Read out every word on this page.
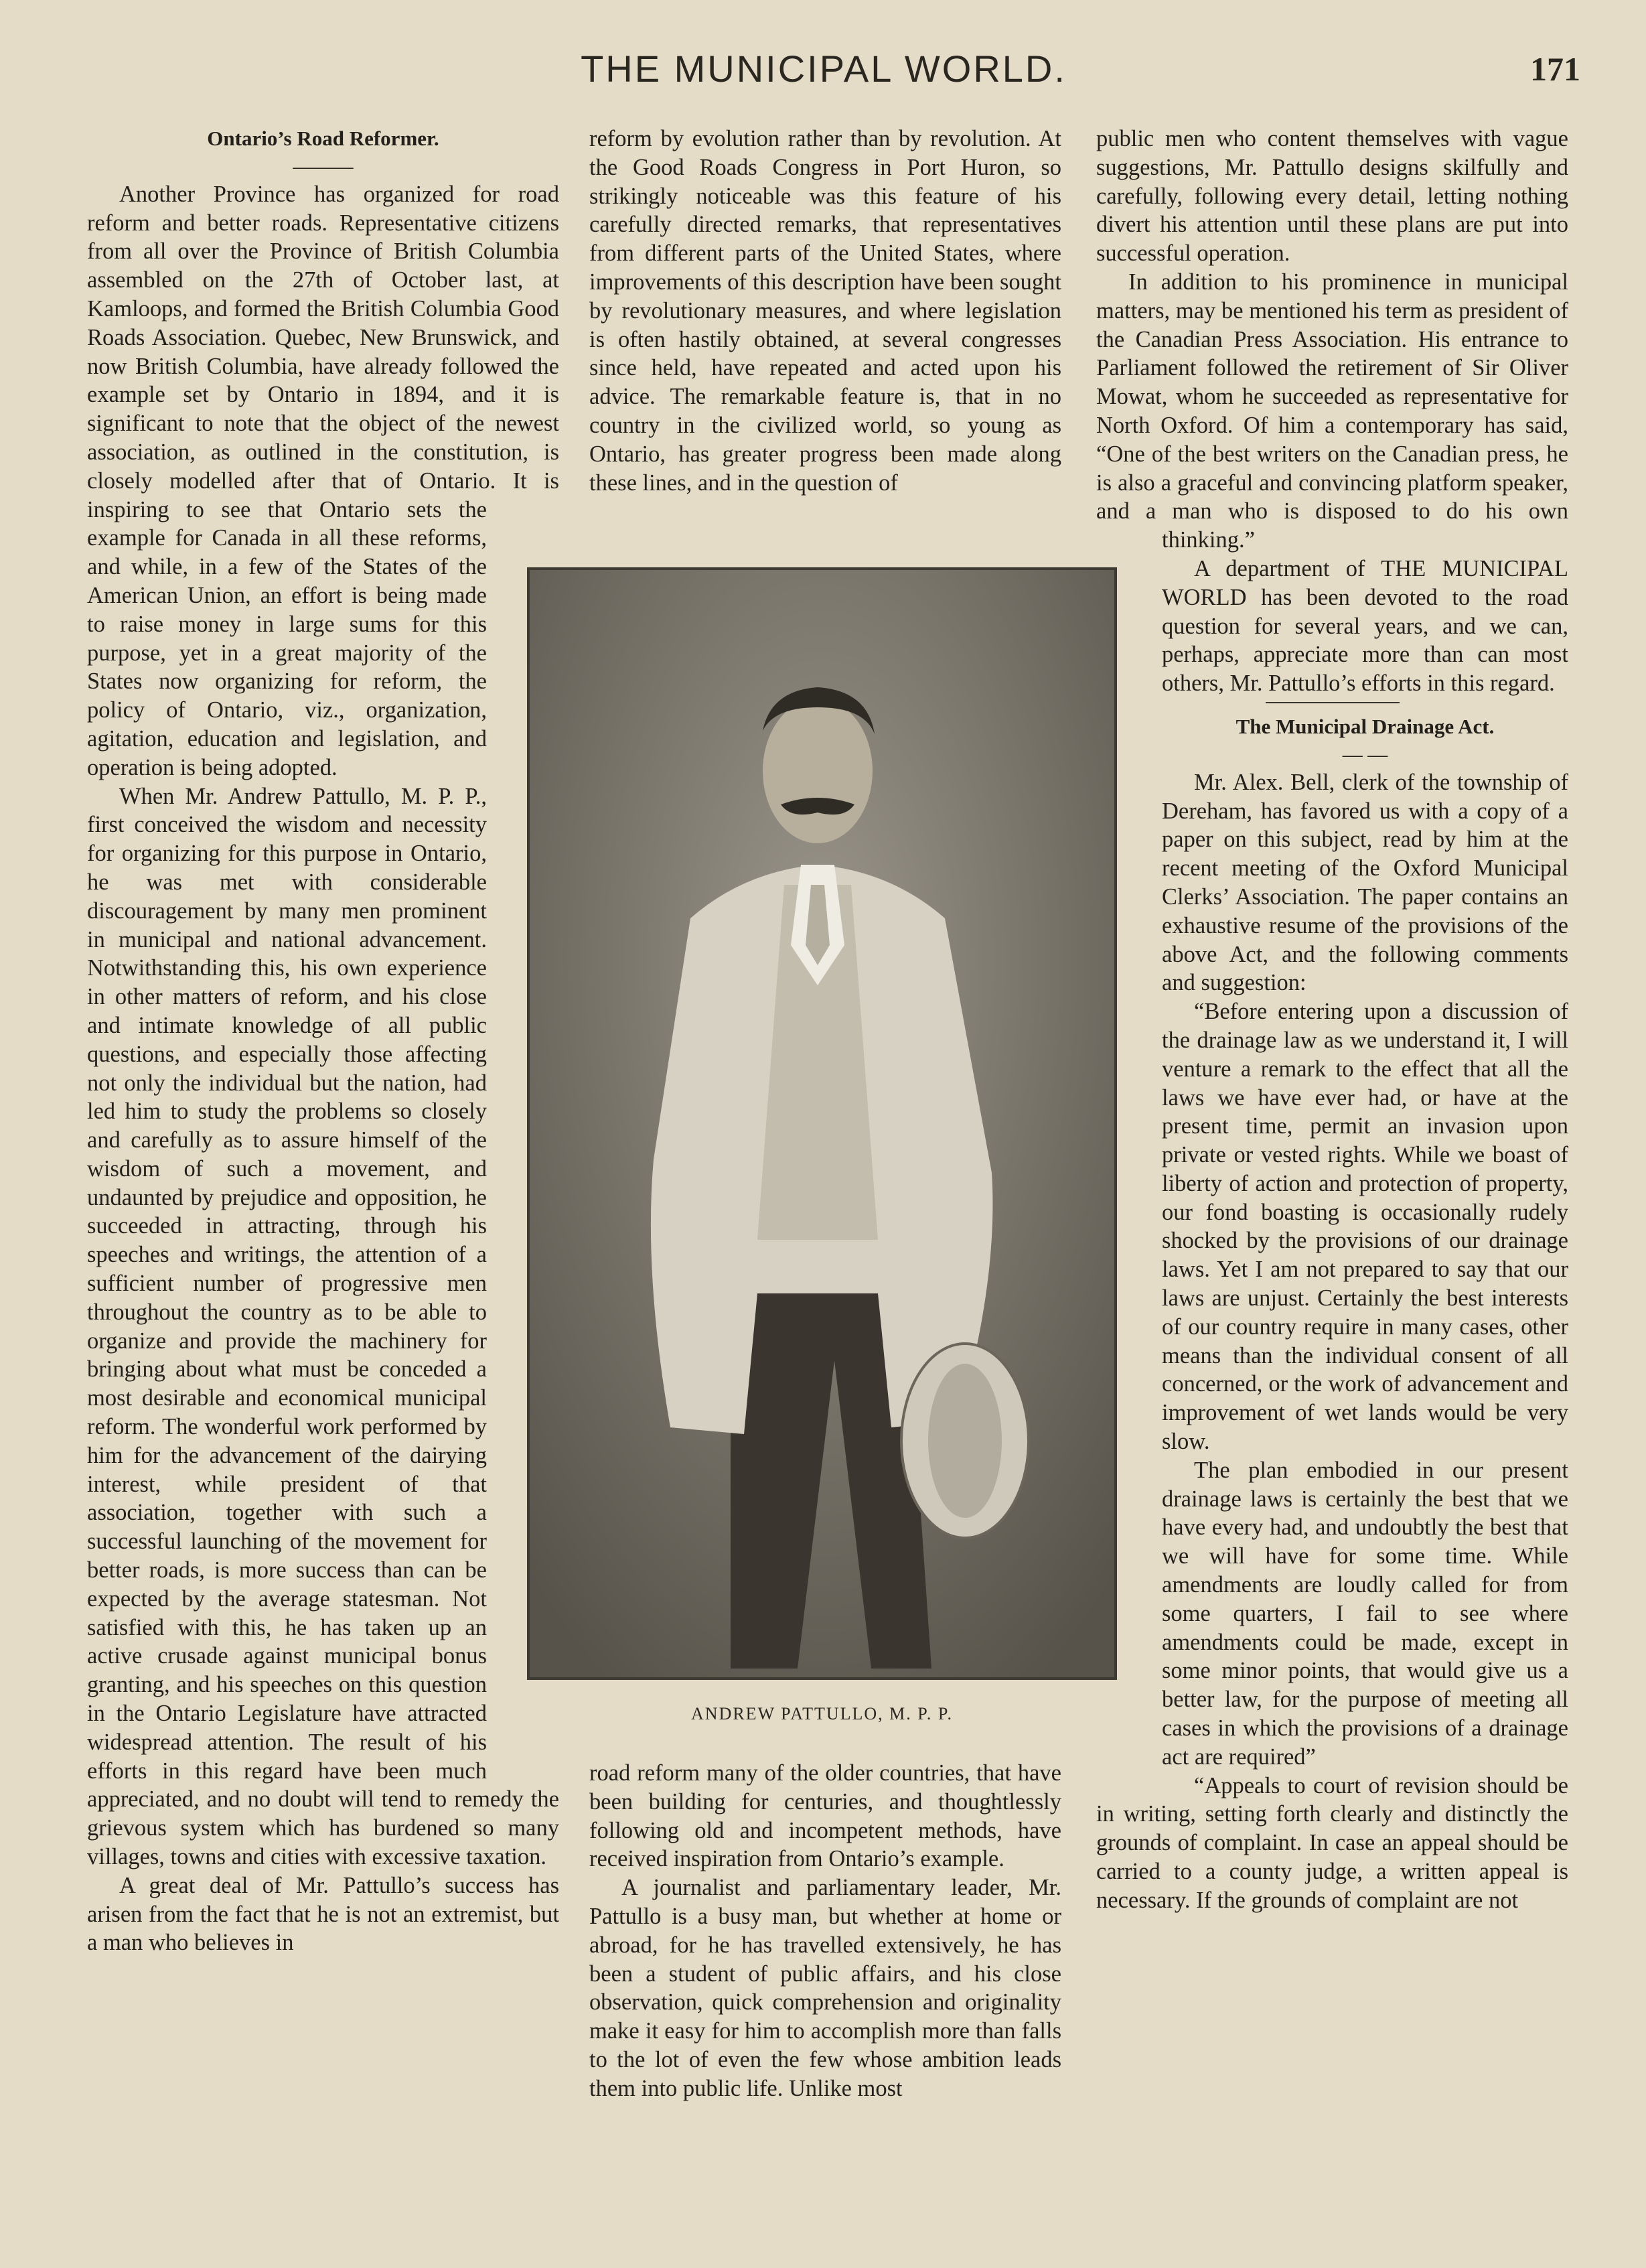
THE MUNICIPAL WORLD.	171
Ontario’s Road Reformer.
———

Another Province has organized for road reform and better roads. Representative citizens from all over the Province of British Columbia assembled on the 27th of October last, at Kamloops, and formed the British Columbia Good Roads Association. Quebec, New Brunswick, and now British Columbia, have already followed the example set by Ontario in 1894, and it is significant to note that the object of the newest association, as outlined in the constitution, is closely modelled after that of Ontario. It is inspiring to see that Ontario sets the example for Canada in all these reforms, and while, in a few of the States of the American Union, an effort is being made to raise money in large sums for this purpose, yet in a great majority of the States now organizing for reform, the policy of Ontario, viz., organization, agitation, education and legislation, and operation is being adopted.

When Mr. Andrew Pattullo, M. P. P., first conceived the wisdom and necessity for organizing for this purpose in Ontario, he was met with considerable discouragement by many men prominent in municipal and national advancement. Notwithstanding this, his own experience in other matters of reform, and his close and intimate knowledge of all public questions, and especially those affecting not only the individual but the nation, had led him to study the problems so closely and carefully as to assure himself of the wisdom of such a movement, and undaunted by prejudice and opposition, he succeeded in attracting, through his speeches and writings, the attention of a sufficient number of progressive men throughout the country as to be able to organize and provide the machinery for bringing about what must be conceded a most desirable and economical municipal reform. The wonderful work performed by him for the advancement of the dairying interest, while president of that association, together with such a successful launching of the movement for better roads, is more success than can be expected by the average statesman. Not satisfied with this, he has taken up an active crusade against municipal bonus granting, and his speeches on this question in the Ontario Legislature have attracted widespread attention. The result of his efforts in this regard have been much appreciated, and no doubt will tend to remedy the grievous system which has burdened so many villages, towns and cities with excessive taxation.

A great deal of Mr. Pattullo’s success has arisen from the fact that he is not an extremist, but a man who believes in

reform by evolution rather than by revolution. At the Good Roads Congress in Port Huron, so strikingly noticeable was this feature of his carefully directed remarks, that representatives from different parts of the United States, where improvements of this description have been sought by revolutionary measures, and where legislation is often hastily obtained, at several congresses since held, have repeated and acted upon his advice. The remarkable feature is, that in no country in the civilized world, so young as Ontario, has greater progress been made along these lines, and in the question of

ANDREW PATTULLO, M. P. P.

road reform many of the older countries, that have been building for centuries, and thoughtlessly following old and incompetent methods, have received inspiration from Ontario’s example.

A journalist and parliamentary leader, Mr. Pattullo is a busy man, but whether at home or abroad, for he has travelled extensively, he has been a student of public affairs, and his close observation, quick comprehension and originality make it easy for him to accomplish more than falls to the lot of even the few whose ambition leads them into public life. Unlike most

public men who content themselves with vague suggestions, Mr. Pattullo designs skilfully and carefully, following every detail, letting nothing divert his attention until these plans are put into successful operation.

In addition to his prominence in municipal matters, may be mentioned his term as president of the Canadian Press Association. His entrance to Parliament followed the retirement of Sir Oliver Mowat, whom he succeeded as representative for North Oxford. Of him a contemporary has said, “One of the best writers on the Canadian press, he is also a graceful and convincing platform speaker, and a man who is disposed to do his own thinking.”

A department of THE MUNICIPAL WORLD has been devoted to the road question for several years, and we can, perhaps, appreciate more than can most others, Mr. Pattullo’s efforts in this regard.

The Municipal Drainage Act.
— —

Mr. Alex. Bell, clerk of the township of Dereham, has favored us with a copy of a paper on this subject, read by him at the recent meeting of the Oxford Municipal Clerks’ Association. The paper contains an exhaustive resume of the provisions of the above Act, and the following comments and suggestion:

“Before entering upon a discussion of the drainage law as we understand it, I will venture a remark to the effect that all the laws we have ever had, or have at the present time, permit an invasion upon private or vested rights. While we boast of liberty of action and protection of property, our fond boasting is occasionally rudely shocked by the provisions of our drainage laws. Yet I am not prepared to say that our laws are unjust. Certainly the best interests of our country require in many cases, other means than the individual consent of all concerned, or the work of advancement and improvement of wet lands would be very slow.

The plan embodied in our present drainage laws is certainly the best that we have every had, and undoubtly the best that we will have for some time. While amendments are loudly called for from some quarters, I fail to see where amendments could be made, except in some minor points, that would give us a better law, for the purpose of meeting all cases in which the provisions of a drainage act are required”

“Appeals to court of revision should be in writing, setting forth clearly and distinctly the grounds of complaint. In case an appeal should be carried to a county judge, a written appeal is necessary. If the grounds of complaint are not
